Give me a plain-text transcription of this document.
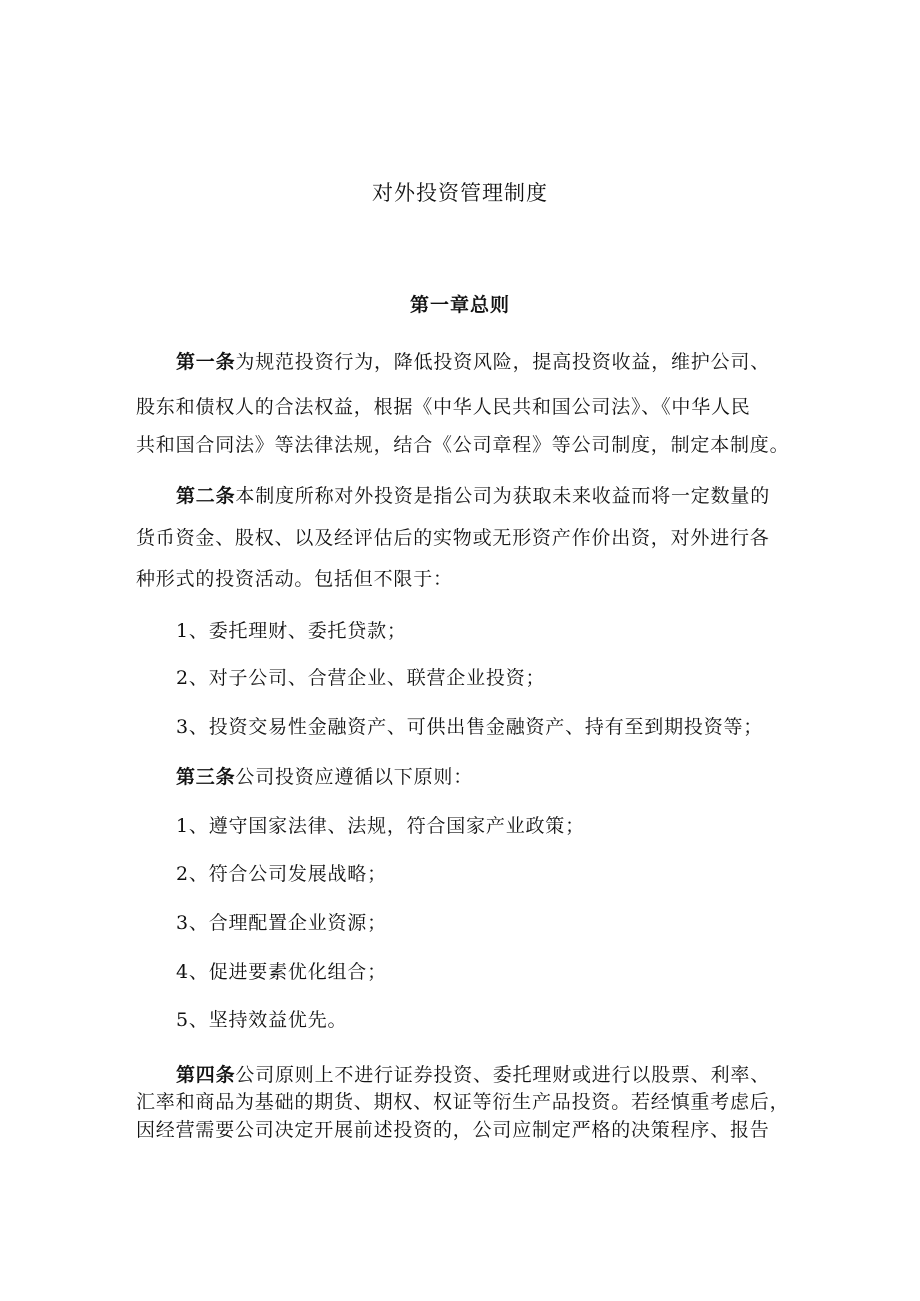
对外投资管理制度
第一章总则
第一条为规范投资行为，降低投资风险，提高投资收益，维护公司、
股东和债权人的合法权益，根据《中华人民共和国公司法》、《中华人民
共和国合同法》等法律法规，结合《公司章程》等公司制度，制定本制度。
第二条本制度所称对外投资是指公司为获取未来收益而将一定数量的
货币资金、股权、以及经评估后的实物或无形资产作价出资，对外进行各
种形式的投资活动。包括但不限于：
1、委托理财、委托贷款；
2、对子公司、合营企业、联营企业投资；
3、投资交易性金融资产、可供出售金融资产、持有至到期投资等；
第三条公司投资应遵循以下原则：
1、遵守国家法律、法规，符合国家产业政策；
2、符合公司发展战略；
3、合理配置企业资源；
4、促进要素优化组合；
5、坚持效益优先。
第四条公司原则上不进行证券投资、委托理财或进行以股票、利率、
汇率和商品为基础的期货、期权、权证等衍生产品投资。若经慎重考虑后，
因经营需要公司决定开展前述投资的，公司应制定严格的决策程序、报告
